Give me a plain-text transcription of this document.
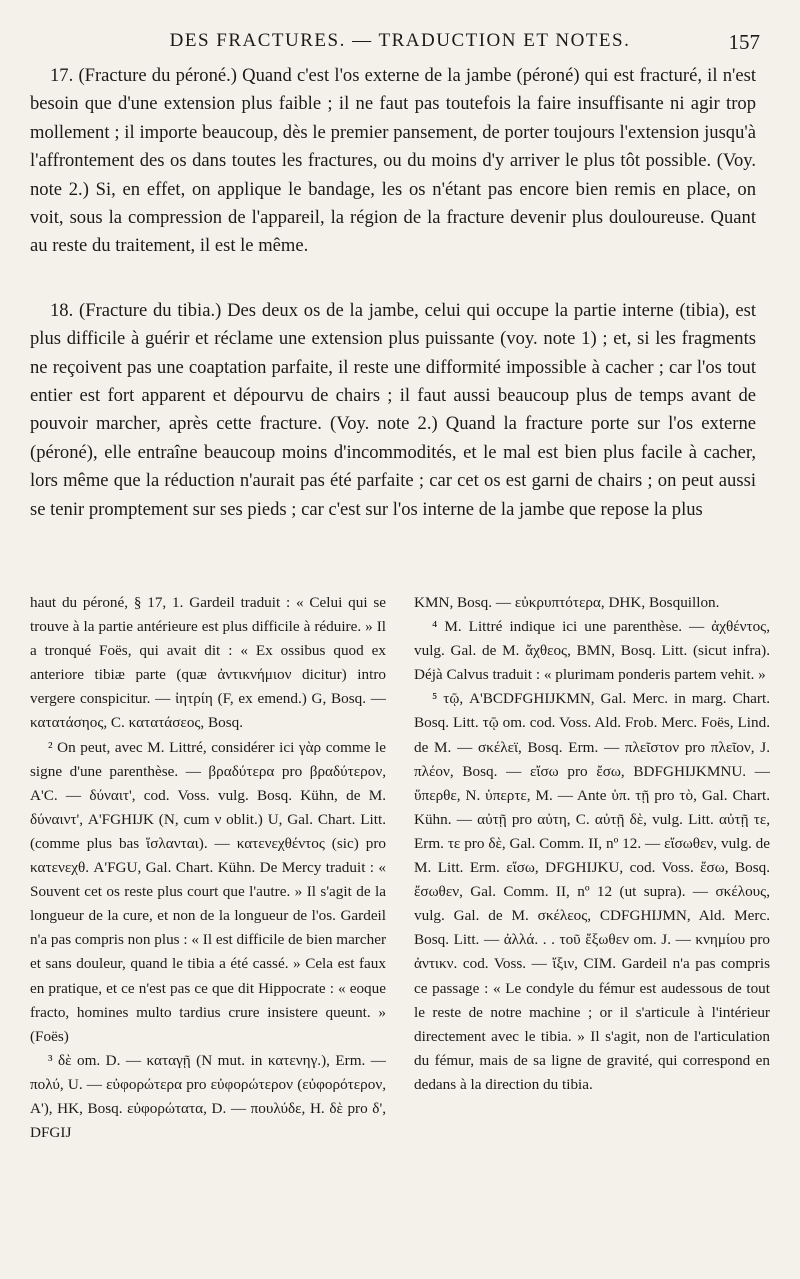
DES FRACTURES. — TRADUCTION ET NOTES.	157

17. (Fracture du péroné.) Quand c'est l'os externe de la jambe (péroné) qui est fracturé, il n'est besoin que d'une extension plus faible ; il ne faut pas toutefois la faire insuffisante ni agir trop mollement ; il importe beaucoup, dès le premier pansement, de porter toujours l'extension jusqu'à l'affrontement des os dans toutes les fractures, ou du moins d'y arriver le plus tôt possible. (Voy. note 2.) Si, en effet, on applique le bandage, les os n'étant pas encore bien remis en place, on voit, sous la compression de l'appareil, la région de la fracture devenir plus douloureuse. Quant au reste du traitement, il est le même.

18. (Fracture du tibia.) Des deux os de la jambe, celui qui occupe la partie interne (tibia), est plus difficile à guérir et réclame une extension plus puissante (voy. note 1) ; et, si les fragments ne reçoivent pas une coaptation parfaite, il reste une difformité impossible à cacher ; car l'os tout entier est fort apparent et dépourvu de chairs ; il faut aussi beaucoup plus de temps avant de pouvoir marcher, après cette fracture. (Voy. note 2.) Quand la fracture porte sur l'os externe (péroné), elle entraîne beaucoup moins d'incommodités, et le mal est bien plus facile à cacher, lors même que la réduction n'aurait pas été parfaite ; car cet os est garni de chairs ; on peut aussi se tenir promptement sur ses pieds ; car c'est sur l'os interne de la jambe que repose la plus

haut du péroné, § 17, 1. Gardeil traduit : « Celui qui se trouve à la partie antérieure est plus difficile à réduire. » Il a tronqué Foës, qui avait dit : « Ex ossibus quod ex anteriore tibiæ parte (quæ ἀντικνήμιον dicitur) intro vergere conspicitur. — ἰητρίη (F, ex emend.) G, Bosq. — κατατάσηος, C. κατατάσεος, Bosq.

² On peut, avec M. Littré, considérer ici γὰρ comme le signe d'une parenthèse. — βραδύτερα pro βραδύτερον, A'C. — δύναιτ', cod. Voss. vulg. Bosq. Kühn, de M. δύναιντ', A'FGHIJK (N, cum ν oblit.) U, Gal. Chart. Litt. (comme plus bas ἵσλανται). — κατενεχθέντος (sic) pro κατενεχθ. A'FGU, Gal. Chart. Kühn. De Mercy traduit : « Souvent cet os reste plus court que l'autre. » Il s'agit de la longueur de la cure, et non de la longueur de l'os. Gardeil n'a pas compris non plus : « Il est difficile de bien marcher et sans douleur, quand le tibia a été cassé. » Cela est faux en pratique, et ce n'est pas ce que dit Hippocrate : « eoque fracto, homines multo tardius crure insistere queunt. » (Foës)

³ δὲ om. D. — καταγῇ (N mut. in κατενηγ.), Erm. — πολύ, U. — εὐφορώτερα pro εὐφορώτερον (εὐφορότερον, A'), HK, Bosq. εὐφορώτατα, D. — πουλύδε, H. δὲ pro δ', DFGIJ

KMN, Bosq. — εὐκρυπτότερα, DHK, Bosquillon.

⁴ M. Littré indique ici une parenthèse. — ἀχθέντος, vulg. Gal. de M. ἄχθεος, BMN, Bosq. Litt. (sicut infra). Déjà Calvus traduit : « plurimam ponderis partem vehit. »

⁵ τῷ, A'BCDFGHIJKMN, Gal. Merc. in marg. Chart. Bosq. Litt. τῷ om. cod. Voss. Ald. Frob. Merc. Foës, Lind. de M. — σκέλεϊ, Bosq. Erm. — πλεῖστον pro πλεῖον, J. πλέον, Bosq. — εἴσω pro ἔσω, BDFGHIJKMNU. — ὕπερθε, N. ὑπερτε, M. — Ante ὑπ. τῇ pro τὸ, Gal. Chart. Kühn. — αὐτῇ pro αὐτη, C. αὐτῇ δὲ, vulg. Litt. αὐτῇ τε, Erm. τε pro δὲ, Gal. Comm. II, nº 12. — εἴσωθεν, vulg. de M. Litt. Erm. εἴσω, DFGHIJKU, cod. Voss. ἔσω, Bosq. ἔσωθεν, Gal. Comm. II, nº 12 (ut supra). — σκέλους, vulg. Gal. de M. σκέλεος, CDFGHIJMN, Ald. Merc. Bosq. Litt. — ἀλλά. . . τοῦ ἔξωθεν om. J. — κνημίου pro ἀντικν. cod. Voss. — ἴξιν, CIM. Gardeil n'a pas compris ce passage : « Le condyle du fémur est audessous de tout le reste de notre machine ; or il s'articule à l'intérieur directement avec le tibia. » Il s'agit, non de l'articulation du fémur, mais de sa ligne de gravité, qui correspond en dedans à la direction du tibia.
